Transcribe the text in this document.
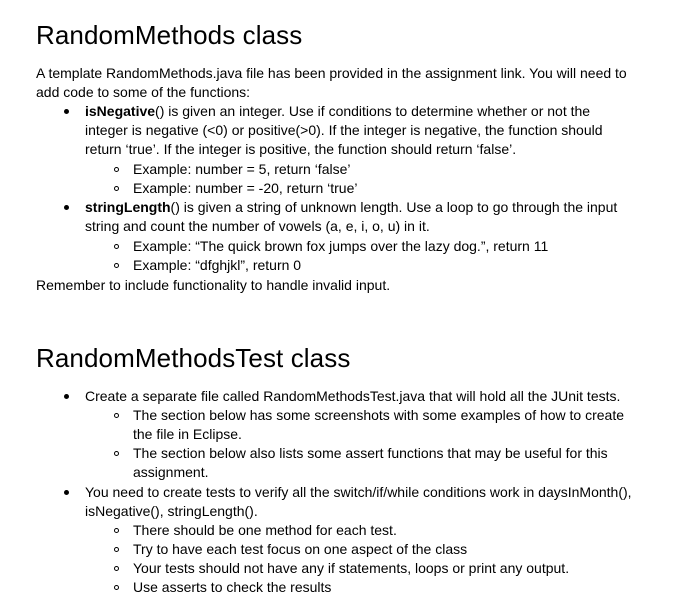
RandomMethods class
A template RandomMethods.java file has been provided in the assignment link. You will need to
add code to some of the functions:
isNegative() is given an integer. Use if conditions to determine whether or not the
integer is negative (<0) or positive(>0). If the integer is negative, the function should
return ‘true’. If the integer is positive, the function should return ‘false’.
Example: number = 5, return ‘false’
Example: number = -20, return ‘true’
stringLength() is given a string of unknown length. Use a loop to go through the input
string and count the number of vowels (a, e, i, o, u) in it.
Example: “The quick brown fox jumps over the lazy dog.”, return 11
Example: “dfghjkl”, return 0
Remember to include functionality to handle invalid input.
RandomMethodsTest class
Create a separate file called RandomMethodsTest.java that will hold all the JUnit tests.
The section below has some screenshots with some examples of how to create
the file in Eclipse.
The section below also lists some assert functions that may be useful for this
assignment.
You need to create tests to verify all the switch/if/while conditions work in daysInMonth(),
isNegative(), stringLength().
There should be one method for each test.
Try to have each test focus on one aspect of the class
Your tests should not have any if statements, loops or print any output.
Use asserts to check the results
